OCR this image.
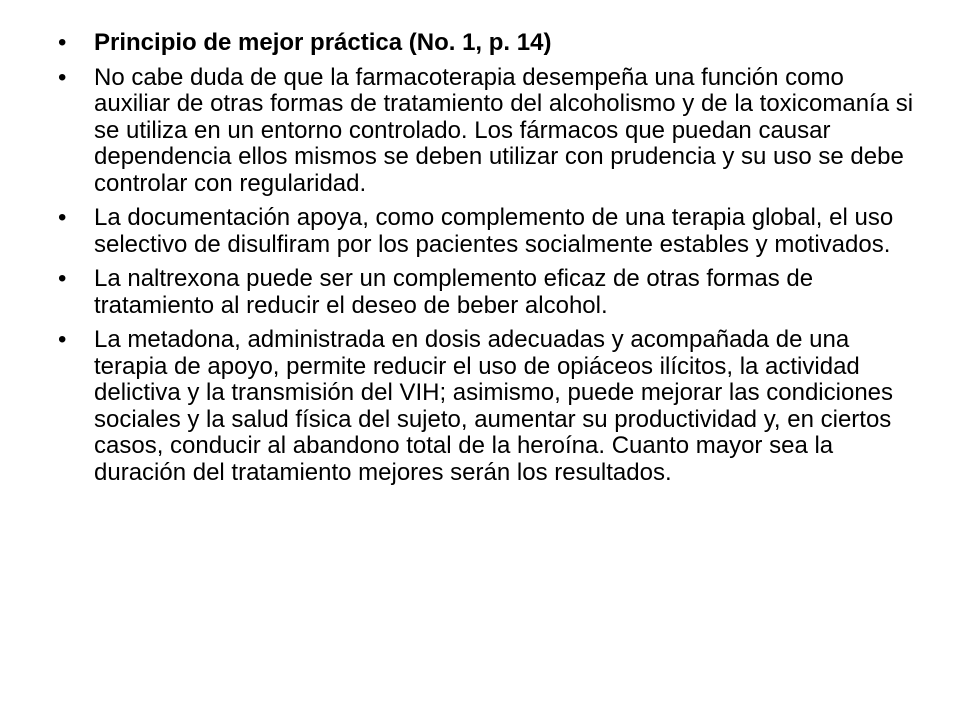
• Principio de mejor práctica (No. 1, p. 14)
• No cabe duda de que la farmacoterapia desempeña una función como auxiliar de otras formas de tratamiento del alcoholismo y de la toxicomanía si se utiliza en un entorno controlado. Los fármacos que puedan causar dependencia ellos mismos se deben utilizar con prudencia y su uso se debe controlar con regularidad.
• La documentación apoya, como complemento de una terapia global, el uso selectivo de disulfiram por los pacientes socialmente estables y motivados.
• La naltrexona puede ser un complemento eficaz de otras formas de tratamiento al reducir el deseo de beber alcohol.
• La metadona, administrada en dosis adecuadas y acompañada de una terapia de apoyo, permite reducir el uso de opiáceos ilícitos, la actividad delictiva y la transmisión del VIH; asimismo, puede mejorar las condiciones sociales y la salud física del sujeto, aumentar su productividad y, en ciertos casos, conducir al abandono total de la heroína. Cuanto mayor sea la duración del tratamiento mejores serán los resultados.
